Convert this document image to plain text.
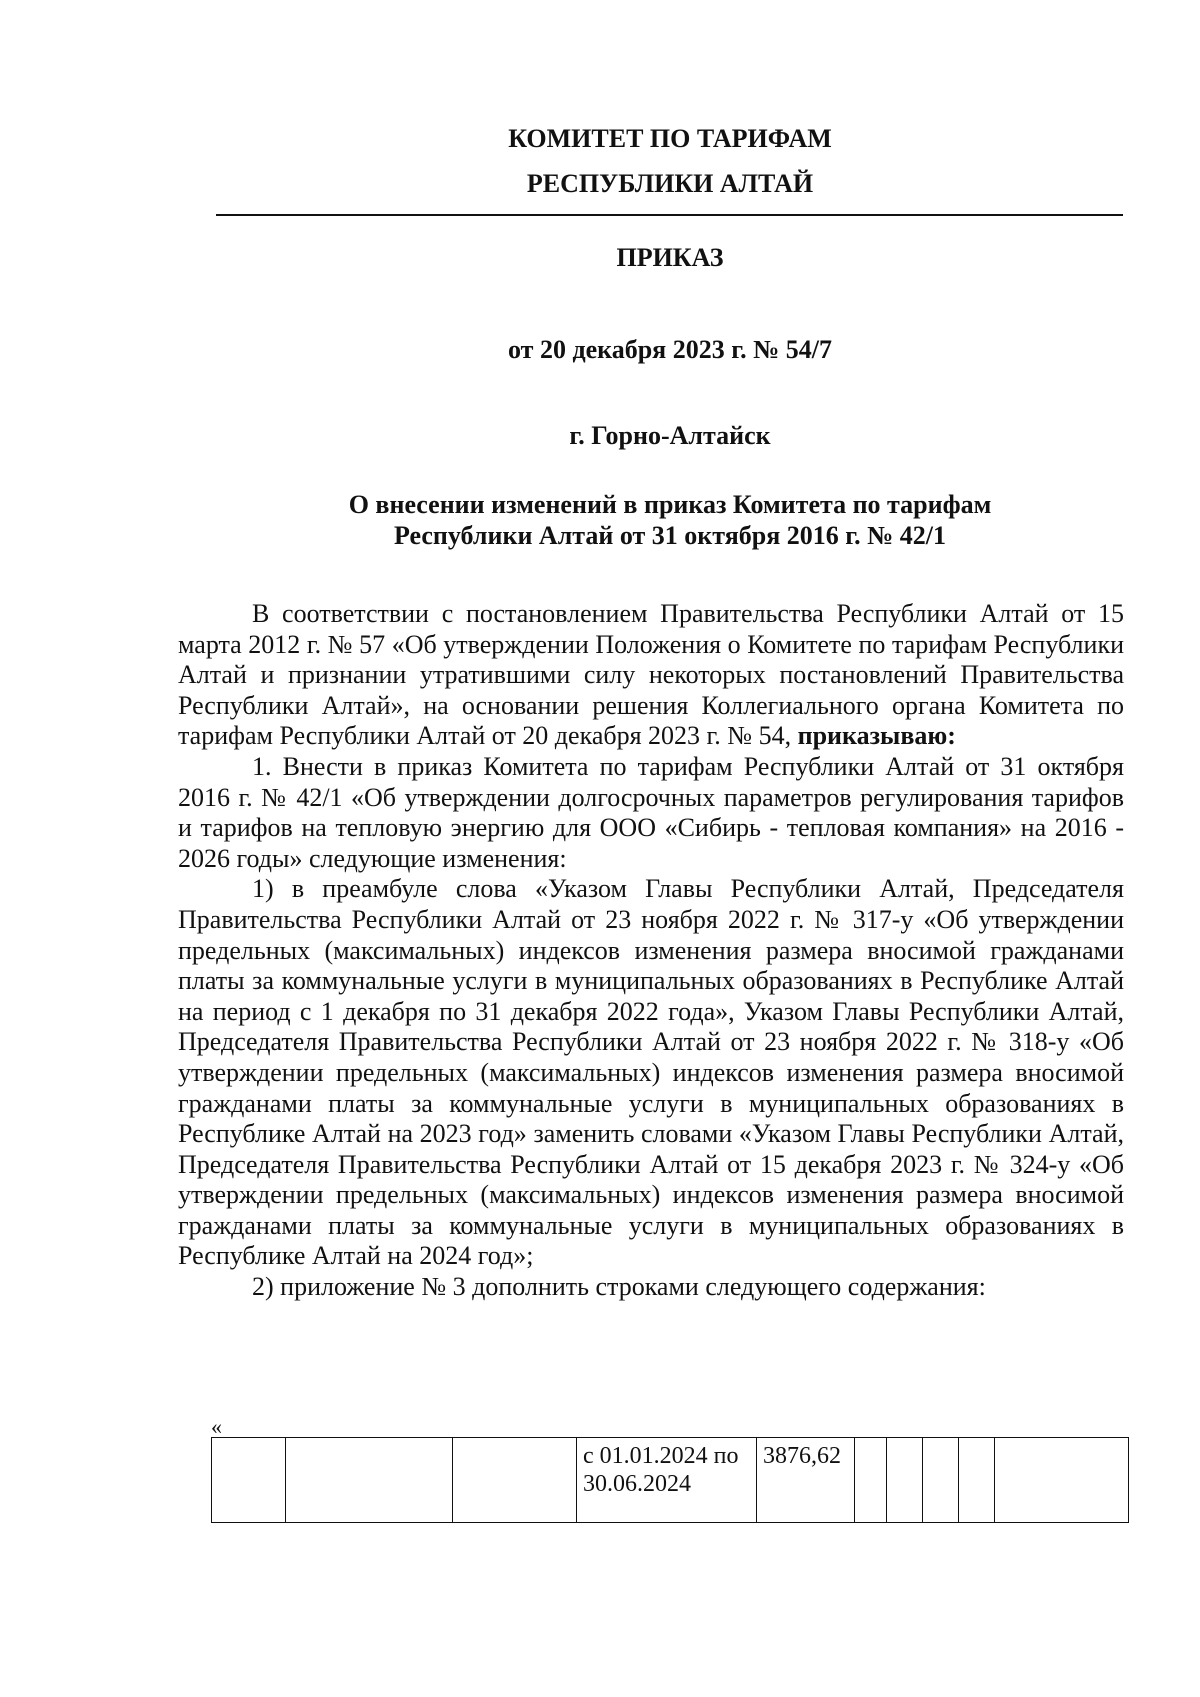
КОМИТЕТ ПО ТАРИФАМ
РЕСПУБЛИКИ АЛТАЙ
ПРИКАЗ
от 20 декабря 2023 г. № 54/7
г. Горно-Алтайск
О внесении изменений в приказ Комитета по тарифам
Республики Алтай от 31 октября 2016 г. № 42/1

В соответствии с постановлением Правительства Республики Алтай от 15 марта 2012 г. № 57 «Об утверждении Положения о Комитете по тарифам Республики Алтай и признании утратившими силу некоторых постановлений Правительства Республики Алтай», на основании решения Коллегиального органа Комитета по тарифам Республики Алтай от 20 декабря 2023 г. № 54, приказываю:

1. Внести в приказ Комитета по тарифам Республики Алтай от 31 октября 2016 г. № 42/1 «Об утверждении долгосрочных параметров регулирования тарифов и тарифов на тепловую энергию для ООО «Сибирь - тепловая компания» на 2016 - 2026 годы» следующие изменения:

1) в преамбуле слова «Указом Главы Республики Алтай, Председателя Правительства Республики Алтай от 23 ноября 2022 г. № 317-у «Об утверждении предельных (максимальных) индексов изменения размера вносимой гражданами платы за коммунальные услуги в муниципальных образованиях в Республике Алтай на период с 1 декабря по 31 декабря 2022 года», Указом Главы Республики Алтай, Председателя Правительства Республики Алтай от 23 ноября 2022 г. № 318-у «Об утверждении предельных (максимальных) индексов изменения размера вносимой гражданами платы за коммунальные услуги в муниципальных образованиях в Республике Алтай на 2023 год» заменить словами «Указом Главы Республики Алтай, Председателя Правительства Республики Алтай от 15 декабря 2023 г. № 324-у «Об утверждении предельных (максимальных) индексов изменения размера вносимой гражданами платы за коммунальные услуги в муниципальных образованиях в Республике Алтай на 2024 год»;

2) приложение № 3 дополнить строками следующего содержания:

«
			с 01.01.2024 по 30.06.2024	3876,62					
